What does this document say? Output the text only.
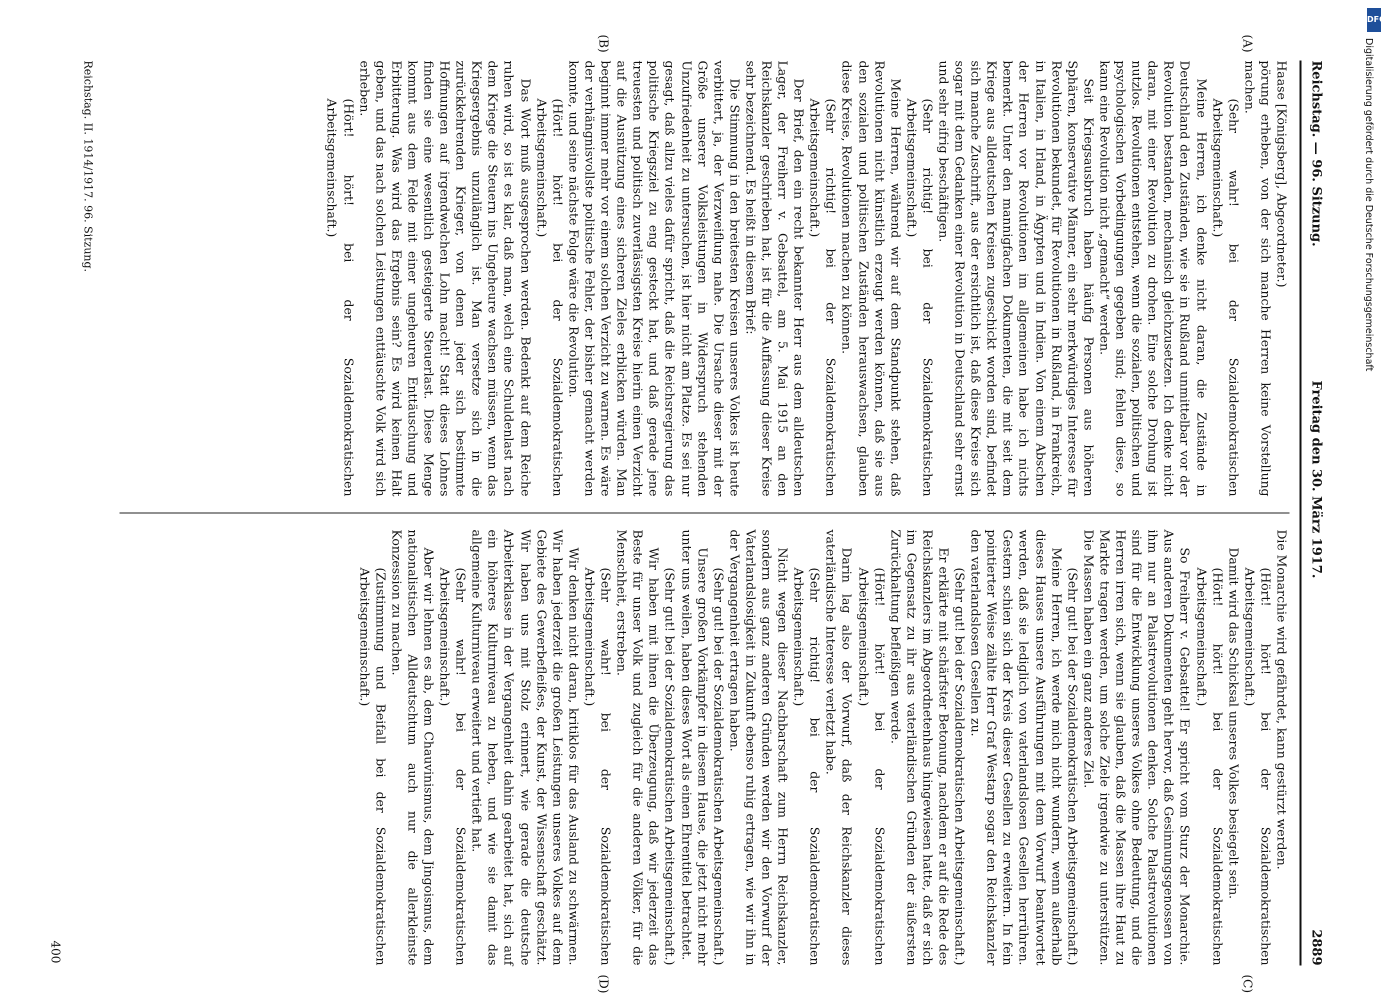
Reichstag. — 96. Sitzung.
Freitag den 30. März 1917.
2889

Haase [Königsberg], Abgeordneter.)

pörung erheben, von der sich manche Herren keine Vorstellung machen.

(Sehr wahr! bei der Sozialdemokratischen Arbeitsgemeinschaft.)

Meine Herren, ich denke nicht daran, die Zustände in Deutschland den Zuständen, wie sie in Rußland unmittelbar vor der Revolution bestanden, mechanisch gleichzusetzen. Ich denke nicht daran, mit einer Revolution zu drohen. Eine solche Drohung ist nutzlos. Revolutionen entstehen, wenn die sozialen, politischen und psychologischen Vorbedingungen gegeben sind; fehlen diese, so kann eine Revolution nicht „gemacht“ werden.

Seit Kriegsausbruch haben häufig Personen aus höheren Sphären, konservative Männer, ein sehr merkwürdiges Interesse für Revolutionen bekundet, für Revolutionen in Rußland, in Frankreich, in Italien, in Irland, in Ägypten und in Indien. Von einem Abschen der Herren vor Revolutionen im allgemeinen habe ich nichts bemerkt. Unter den mannigfachen Dokumenten, die mit seit dem Kriege aus alldeutschen Kreisen zugeschickt worden sind, befindet sich manche Zuschrift, aus der ersichtlich ist, daß diese Kreise sich sogar mit dem Gedanken einer Revolution in Deutschland sehr ernst und sehr eifrig beschäftigen.

(Sehr richtig! bei der Sozialdemokratischen Arbeitsgemeinschaft.)

Meine Herren, während wir auf dem Standpunkt stehen, daß Revolutionen nicht künstlich erzeugt werden können, daß sie aus den sozialen und politischen Zuständen herauswachsen, glauben diese Kreise, Revolutionen machen zu können.

(Sehr richtig! bei der Sozialdemokratischen Arbeitsgemeinschaft.)

Der Brief, den ein recht bekannter Herr aus dem alldeutschen Lager, der Freiherr v. Gebsattel, am 5. Mai 1915 an den Reichskanzler geschrieben hat, ist für die Auffassung dieser Kreise sehr bezeichnend. Es heißt in diesem Brief:

Die Stimmung in den breitesten Kreisen unseres Volkes ist heute verbittert, ja, der Verzweiflung nahe. Die Ursache dieser mit der Größe unserer Volksleistungen in Widerspruch stehenden Unzufriedenheit zu untersuchen, ist hier nicht am Platze. Es sei nur gesagt, daß allzu vieles dafür spricht, daß die Reichsregierung das politische Kriegsziel zu eng gesteckt hat, und daß gerade jene treuesten und politisch zuverlässigsten Kreise hierin einen Verzicht auf die Ausnützung eines sicheren Zieles erblicken würden. Man beginnt immer mehr vor einem solchen Verzicht zu warnen. Es wäre der verhängnisvollste politische Fehler, der bisher gemacht werden konnte, und seine nächste Folge wäre die Revolution.

(Hört! hört! bei der Sozialdemokratischen Arbeitsgemeinschaft.)

Das Wort muß ausgesprochen werden. Bedenkt auf dem Reiche ruhen wird, so ist es klar, daß man, welch eine Schuldenlast nach dem Kriege die Steuern ins Ungeheure wachsen müssen, wenn das Kriegsergebnis unzulänglich ist. Man versetze sich in die zurückkehrenden Krieger, von denen jeder sich bestimmte Hoffnungen auf irgendwelchen Lohn macht! Statt dieses Lohnes finden sie eine wesentlich gesteigerte Steuerlast. Diese Menge kommt aus dem Felde mit einer ungeheuren Enttäuschung und Erbitterung. Was wird das Ergebnis sein? Es wird keinen Halt geben, und das nach solchen Leistungen enttäuschte Volk wird sich erheben.

(Hört! hört! bei der Sozialdemokratischen Arbeitsgemeinschaft.)

Die Monarchie wird gefährdet, kann gestürzt werden.

(Hört! hört! bei der Sozialdemokratischen Arbeitsgemeinschaft.)

Damit wird das Schicksal unseres Volkes besiegelt sein.

(Hört! hört! bei der Sozialdemokratischen Arbeitsgemeinschaft.)

So Freiherr v. Gebsattel! Er spricht vom Sturz der Monarchie. Aus anderen Dokumenten geht hervor, daß Gesinnungsgenossen von ihm nur an Palastrevolutionen denken. Solche Palastrevolutionen sind für die Entwicklung unseres Volkes ohne Bedeutung, und die Herren irren sich, wenn sie glauben, daß die Massen ihre Haut zu Markte tragen werden, um solche Ziele irgendwie zu unterstützen. Die Massen haben ein ganz anderes Ziel.

(Sehr gut! bei der Sozialdemokratischen Arbeitsgemeinschaft.)

Meine Herren, ich werde mich nicht wundern, wenn außerhalb dieses Hauses unsere Ausführungen mit dem Vorwurf beantwortet werden, daß sie lediglich von vaterlandslosen Gesellen herrühren. Gestern schien sich der Kreis dieser Gesellen zu erweitern. In fein pointierter Weise zählte Herr Graf Westarp sogar den Reichskanzler den vaterlandslosen Gesellen zu.

(Sehr gut! bei der Sozialdemokratischen Arbeitsgemeinschaft.)

Er erklärte mit schärfster Betonung, nachdem er auf die Rede des Reichskanzlers im Abgeordnetenhaus hingewiesen hatte, daß er sich im Gegensatz zu ihr aus vaterländischen Gründen der äußersten Zurückhaltung befleißigen werde.

(Hört! hört! bei der Sozialdemokratischen Arbeitsgemeinschaft.)

Darin lag also der Vorwurf, daß der Reichskanzler dieses vaterländische Interesse verletzt habe.

(Sehr richtig! bei der Sozialdemokratischen Arbeitsgemeinschaft.)

Nicht wegen dieser Nachbarschaft zum Herrn Reichskanzler, sondern aus ganz anderen Gründen werden wir den Vorwurf der Vaterlandslosigkeit in Zukunft ebenso ruhig ertragen, wie wir ihn in der Vergangenheit ertragen haben.

(Sehr gut! bei der Sozialdemokratischen Arbeitsgemeinschaft.)

Unsere großen Vorkämpfer in diesem Hause, die jetzt nicht mehr unter uns weilen, haben dieses Wort als einen Ehrentitel betrachtet.

(Sehr gut! bei der Sozialdemokratischen Arbeitsgemeinschaft.)

Wir haben mit ihnen die Überzeugung, daß wir jederzeit das Beste für unser Volk und zugleich für die anderen Völker, für die Menschheit, erstreben.

(Sehr wahr! bei der Sozialdemokratischen Arbeitsgemeinschaft.)

Wir denken nicht daran, kritiklos für das Ausland zu schwärmen. Wir haben jederzeit die großen Leistungen unseres Volkes auf dem Gebiete des Gewerbefleißes, der Kunst, der Wissenschaft geschätzt. Wir haben uns mit Stolz erinnert, wie gerade die deutsche Arbeiterklasse in der Vergangenheit dahin gearbeitet hat, sich auf ein höheres Kulturniveau zu heben, und wie sie damit das allgemeine Kulturniveau erweitert und vertieft hat.

(Sehr wahr! bei der Sozialdemokratischen Arbeitsgemeinschaft.)

Aber wir lehnen es ab, dem Chauvinismus, dem Jingoismus, dem nationalistischen Alldeutschtum auch nur die allerkleinste Konzession zu machen.

(Zustimmung und Beifall bei der Sozialdemokratischen Arbeitsgemeinschaft.)

(A)
(B)
(C)
(D)
Reichstag. II. 1914/1917. 96. Sitzung.
400
DFG
Digitalisierung gefördert durch die Deutsche Forschungsgemeinschaft
